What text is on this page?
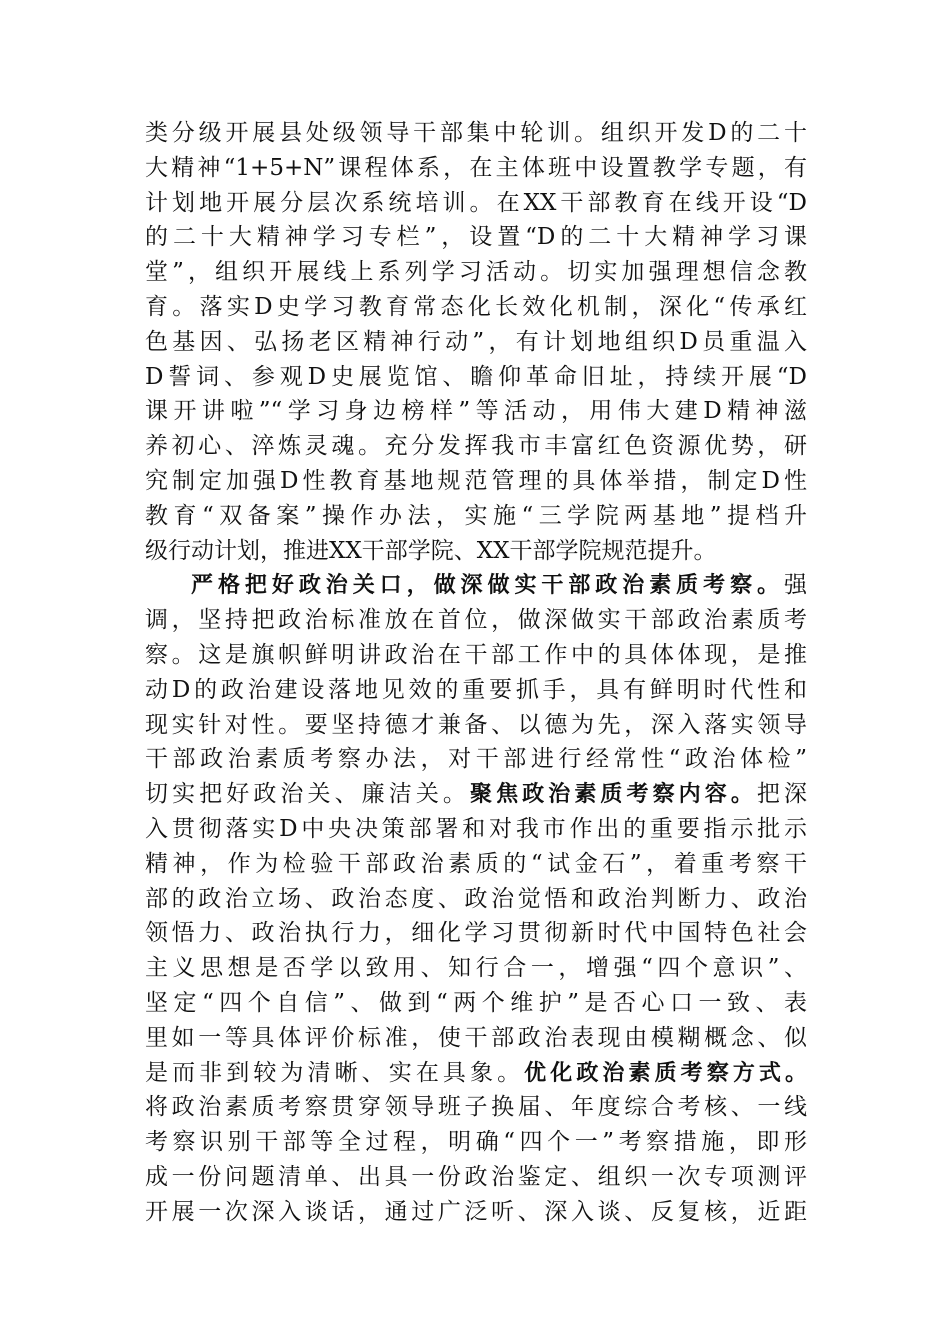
类分级开展县处级领导干部集中轮训。组织开发D的二十
大精神“1+5+N”课程体系，在主体班中设置教学专题，有
计划地开展分层次系统培训。在XX干部教育在线开设“D
的二十大精神学习专栏”，设置“D的二十大精神学习课
堂”，组织开展线上系列学习活动。切实加强理想信念教
育。落实D史学习教育常态化长效化机制，深化“传承红
色基因、弘扬老区精神行动”，有计划地组织D员重温入
D誓词、参观D史展览馆、瞻仰革命旧址，持续开展“D
课开讲啦”“学习身边榜样”等活动，用伟大建D精神滋
养初心、淬炼灵魂。充分发挥我市丰富红色资源优势，研
究制定加强D性教育基地规范管理的具体举措，制定D性
教育“双备案”操作办法，实施“三学院两基地”提档升
级行动计划，推进XX干部学院、XX干部学院规范提升。
严格把好政治关口，做深做实干部政治素质考察。强
调，坚持把政治标准放在首位，做深做实干部政治素质考
察。这是旗帜鲜明讲政治在干部工作中的具体体现，是推
动D的政治建设落地见效的重要抓手，具有鲜明时代性和
现实针对性。要坚持德才兼备、以德为先，深入落实领导
干部政治素质考察办法，对干部进行经常性“政治体检”
切实把好政治关、廉洁关。聚焦政治素质考察内容。把深
入贯彻落实D中央决策部署和对我市作出的重要指示批示
精神，作为检验干部政治素质的“试金石”，着重考察干
部的政治立场、政治态度、政治觉悟和政治判断力、政治
领悟力、政治执行力，细化学习贯彻新时代中国特色社会
主义思想是否学以致用、知行合一，增强“四个意识”、
坚定“四个自信”、做到“两个维护”是否心口一致、表
里如一等具体评价标准，使干部政治表现由模糊概念、似
是而非到较为清晰、实在具象。优化政治素质考察方式。
将政治素质考察贯穿领导班子换届、年度综合考核、一线
考察识别干部等全过程，明确“四个一”考察措施，即形
成一份问题清单、出具一份政治鉴定、组织一次专项测评
开展一次深入谈话，通过广泛听、深入谈、反复核，近距
